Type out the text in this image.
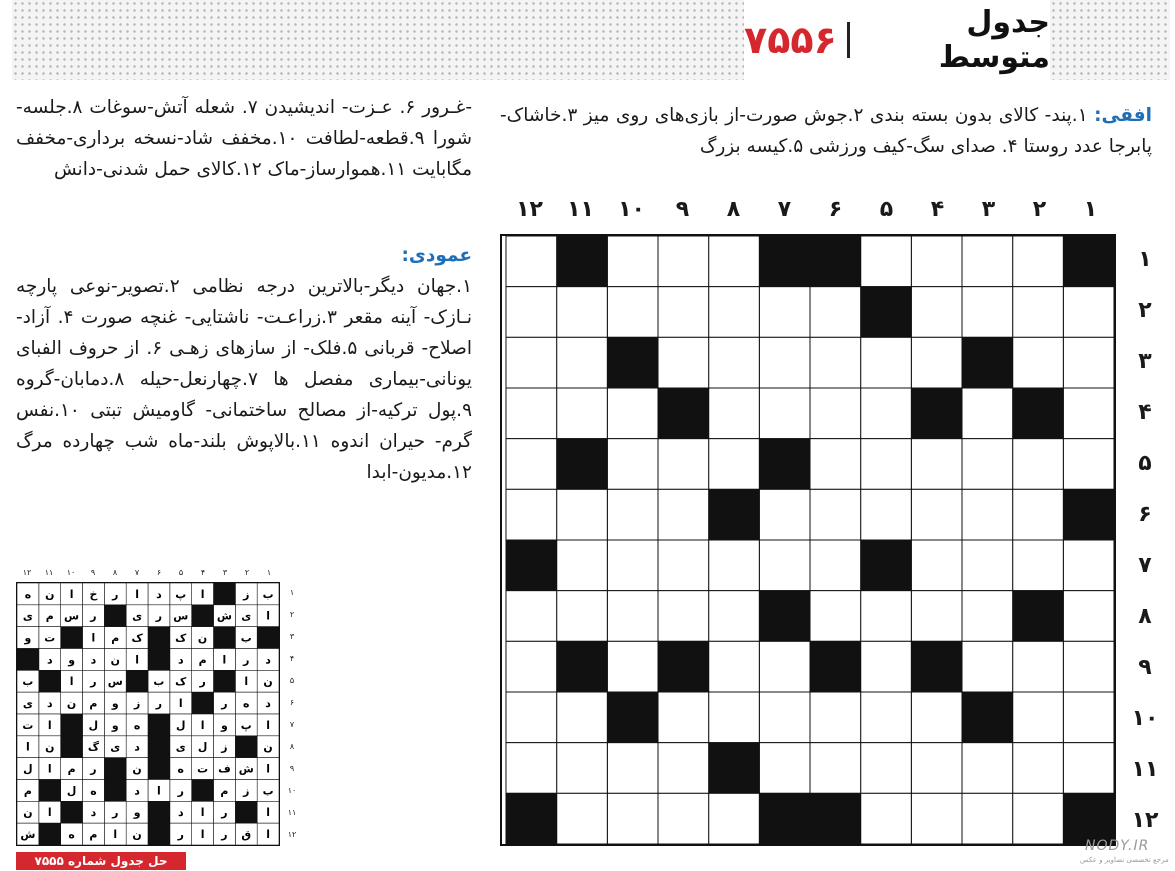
جدول متوسط
۷۵۵۶
افقی: ۱.پند- کالای بدون بسته بندی ۲.جوش صورت-از بازی‌های روی میز ۳.خاشاک-پابرجا عدد روستا ۴. صدای سگ-کیف ورزشی ۵.کیسه بزرگ
-غـرور ۶. عـزت- اندیشیدن ۷. شعله آتش-سوغات ۸.جلسه-شورا ۹.قطعه-لطافت ۱۰.مخفف شاد-نسخه برداری-مخفف مگابایت ۱۱.هموارساز-ماک ۱۲.کالای حمل شدنی-دانش
عمودی:
۱.جهان دیگر-بالاترین درجه نظامی ۲.تصویر-نوعی پارچه نـازک- آینه مقعر ۳.زراعـت- ناشتایی- غنچه صورت ۴. آزاد- اصلاح- قربانی ۵.فلک- از سازهای زهـی ۶. از حروف الفبای یونانی-بیماری مفصل ها ۷.چهارنعل-حیله ۸.دمابان-گروه ۹.پول ترکیه-از مصالح ساختمانی- گاومیش تبتی ۱۰.نفس گرم- حیران اندوه ۱۱.بالاپوش بلند-ماه شب چهارده مرگ ۱۲.مدیون-ابدا
۱
۲
۳
۴
۵
۶
۷
۸
۹
۱۰
۱۱
۱۲
۱
۲
۳
۴
۵
۶
۷
۸
۹
۱۰
۱۱
۱۲
۱
۲
۳
۴
۵
۶
۷
۸
۹
۱۰
۱۱
۱۲
ب
ز
ا
پ
د
ا
ر
خ
ا
ن
ه
ا
ی
ش
س
ر
ی
ر
س
م
ی
ب
ن
ک
ک
م
ا
ت
و
د
ر
ا
م
د
ا
ن
د
و
د
ن
ا
ر
ک
ب
س
ر
ا
ب
د
ه
ر
ا
ر
ز
و
م
ن
د
ی
ا
پ
و
ا
ل
ه
و
ل
ا
ت
ن
ز
ل
ی
د
ی
گ
ن
ا
ا
ش
ف
ت
ه
ن
ر
م
ا
ل
ب
ز
م
ر
ا
د
ه
ل
م
ا
ر
ا
د
و
ر
د
ا
ن
ا
ق
ر
ا
ر
ن
ا
م
ه
ش
۱
۲
۳
۴
۵
۶
۷
۸
۹
۱۰
۱۱
۱۲
حل جدول شماره ۷۵۵۵
NODY.IR
مرجع تخصصی تصاویر و عکس
